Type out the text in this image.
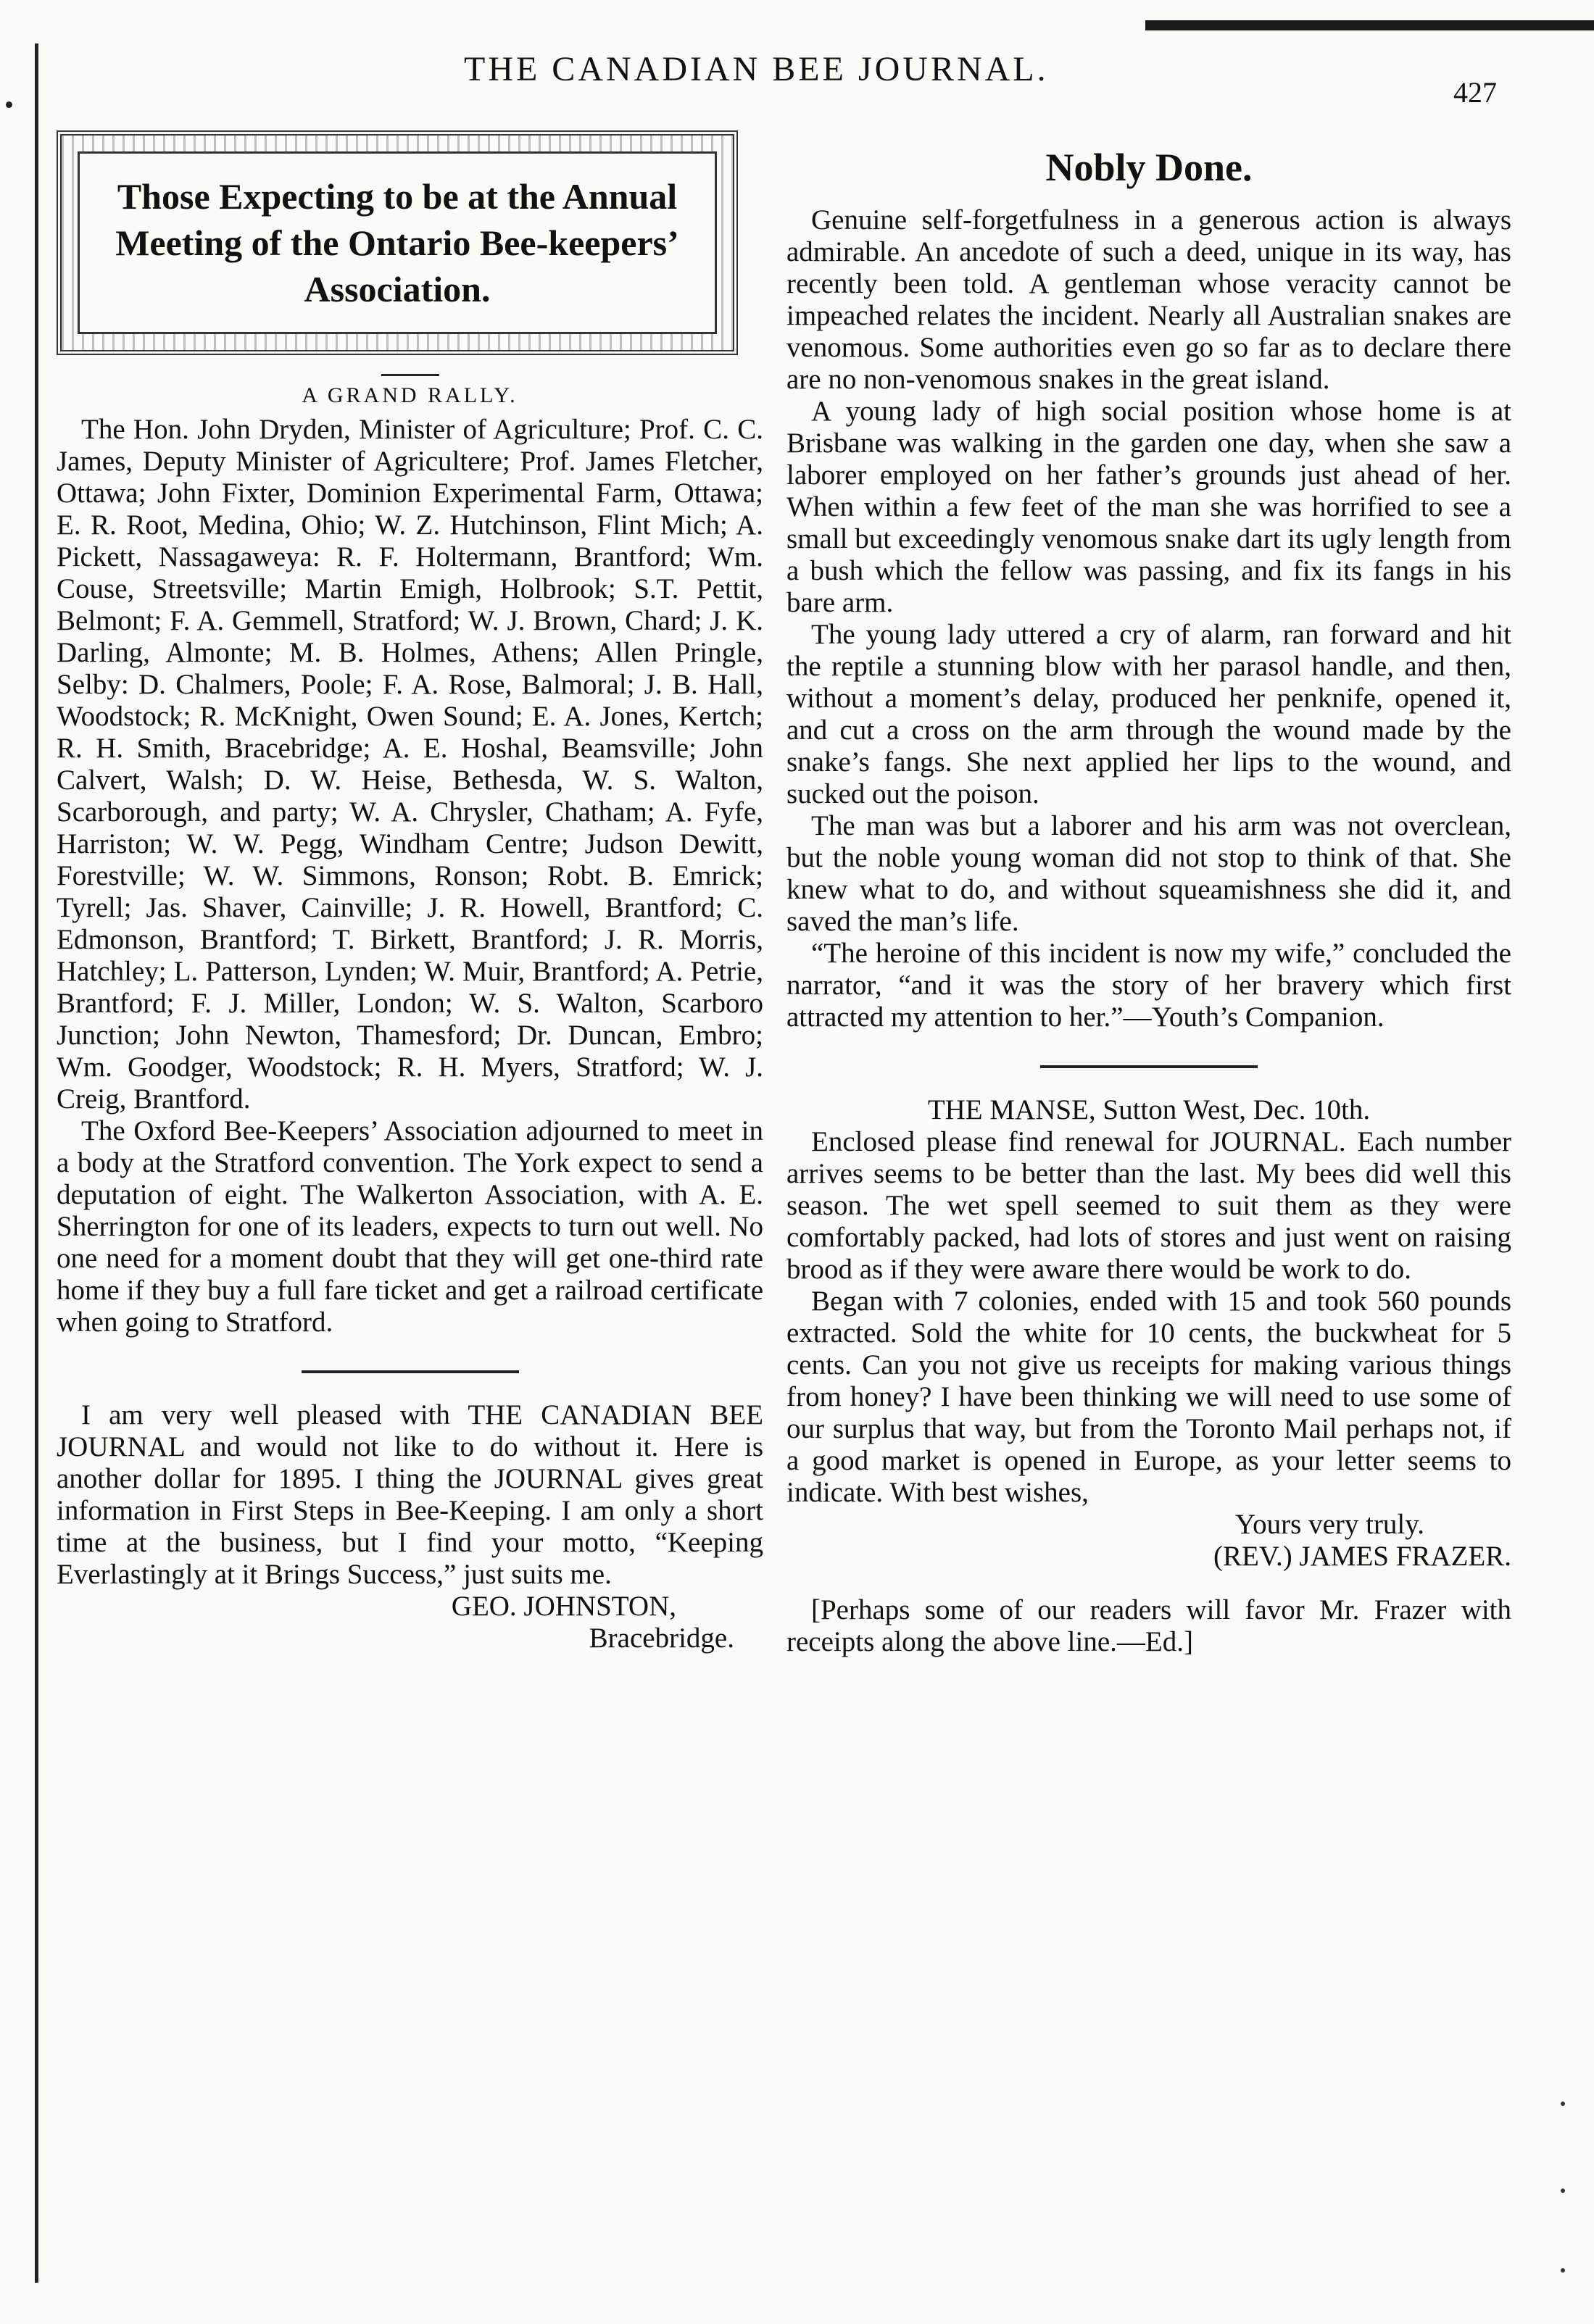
THE CANADIAN BEE JOURNAL.
427
Those Expecting to be at the Annual Meeting of the Ontario Bee-keepers’ Association.
A GRAND RALLY.

The Hon. John Dryden, Minister of Agriculture; Prof. C. C. James, Deputy Minister of Agricultere; Prof. James Fletcher, Ottawa; John Fixter, Dominion Experimental Farm, Ottawa; E. R. Root, Medina, Ohio; W. Z. Hutchinson, Flint Mich; A. Pickett, Nassagaweya: R. F. Holtermann, Brantford; Wm. Couse, Streetsville; Martin Emigh, Holbrook; S.T. Pettit, Belmont; F. A. Gemmell, Stratford; W. J. Brown, Chard; J. K. Darling, Almonte; M. B. Holmes, Athens; Allen Pringle, Selby: D. Chalmers, Poole; F. A. Rose, Balmoral; J. B. Hall, Woodstock; R. McKnight, Owen Sound; E. A. Jones, Kertch; R. H. Smith, Bracebridge; A. E. Hoshal, Beamsville; John Calvert, Walsh; D. W. Heise, Bethesda, W. S. Walton, Scarborough, and party; W. A. Chrysler, Chatham; A. Fyfe, Harriston; W. W. Pegg, Windham Centre; Judson Dewitt, Forestville; W. W. Simmons, Ronson; Robt. B. Emrick; Tyrell; Jas. Shaver, Cainville; J. R. Howell, Brantford; C. Edmonson, Brantford; T. Birkett, Brantford; J. R. Morris, Hatchley; L. Patterson, Lynden; W. Muir, Brantford; A. Petrie, Brantford; F. J. Miller, London; W. S. Walton, Scarboro Junction; John Newton, Thamesford; Dr. Duncan, Embro; Wm. Goodger, Woodstock; R. H. Myers, Stratford; W. J. Creig, Brantford.

The Oxford Bee-Keepers’ Association adjourned to meet in a body at the Stratford convention. The York expect to send a deputation of eight. The Walkerton Association, with A. E. Sherrington for one of its leaders, expects to turn out well. No one need for a moment doubt that they will get one-third rate home if they buy a full fare ticket and get a railroad certificate when going to Stratford.

I am very well pleased with THE CANADIAN BEE JOURNAL and would not like to do without it. Here is another dollar for 1895. I thing the JOURNAL gives great information in First Steps in Bee-Keeping. I am only a short time at the business, but I find your motto, “Keeping Everlastingly at it Brings Success,” just suits me.

GEO. JOHNSTON,
Bracebridge.
Nobly Done.

Genuine self-forgetfulness in a generous action is always admirable. An ancedote of such a deed, unique in its way, has recently been told. A gentleman whose veracity cannot be impeached relates the incident. Nearly all Australian snakes are venomous. Some authorities even go so far as to declare there are no non-venomous snakes in the great island.

A young lady of high social position whose home is at Brisbane was walking in the garden one day, when she saw a laborer employed on her father’s grounds just ahead of her. When within a few feet of the man she was horrified to see a small but exceedingly venomous snake dart its ugly length from a bush which the fellow was passing, and fix its fangs in his bare arm.

The young lady uttered a cry of alarm, ran forward and hit the reptile a stunning blow with her parasol handle, and then, without a moment’s delay, produced her penknife, opened it, and cut a cross on the arm through the wound made by the snake’s fangs. She next applied her lips to the wound, and sucked out the poison.

The man was but a laborer and his arm was not overclean, but the noble young woman did not stop to think of that. She knew what to do, and without squeamishness she did it, and saved the man’s life.

“The heroine of this incident is now my wife,” concluded the narrator, “and it was the story of her bravery which first attracted my attention to her.”—Youth’s Companion.

THE MANSE, Sutton West, Dec. 10th.

Enclosed please find renewal for JOURNAL. Each number arrives seems to be better than the last. My bees did well this season. The wet spell seemed to suit them as they were comfortably packed, had lots of stores and just went on raising brood as if they were aware there would be work to do.

Began with 7 colonies, ended with 15 and took 560 pounds extracted. Sold the white for 10 cents, the buckwheat for 5 cents. Can you not give us receipts for making various things from honey? I have been thinking we will need to use some of our surplus that way, but from the Toronto Mail perhaps not, if a good market is opened in Europe, as your letter seems to indicate. With best wishes,

Yours very truly.
(REV.) JAMES FRAZER.

[Perhaps some of our readers will favor Mr. Frazer with receipts along the above line.—Ed.]
